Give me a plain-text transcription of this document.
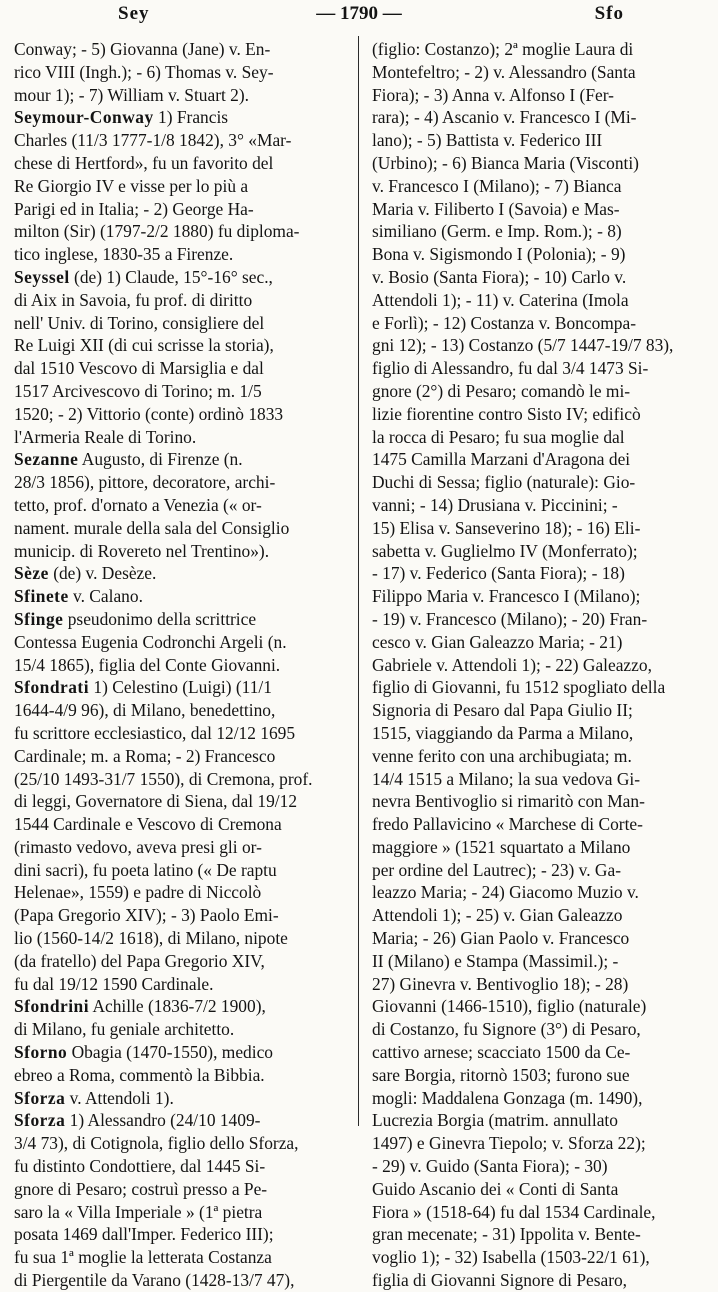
Sey	— 1790 —	Sfo
Conway; - 5) Giovanna (Jane) v. En-
rico VIII (Ingh.); - 6) Thomas v. Sey-
mour 1); - 7) William v. Stuart 2).
Seymour-Conway 1) Francis
Charles (11/3 1777-1/8 1842), 3° «Mar-
chese di Hertford», fu un favorito del
Re Giorgio IV e visse per lo più a
Parigi ed in Italia; - 2) George Ha-
milton (Sir) (1797-2/2 1880) fu diploma-
tico inglese, 1830-35 a Firenze.
Seyssel (de) 1) Claude, 15°-16° sec.,
di Aix in Savoia, fu prof. di diritto
nell' Univ. di Torino, consigliere del
Re Luigi XII (di cui scrisse la storia),
dal 1510 Vescovo di Marsiglia e dal
1517 Arcivescovo di Torino; m. 1/5
1520; - 2) Vittorio (conte) ordinò 1833
l'Armeria Reale di Torino.
Sezanne Augusto, di Firenze (n.
28/3 1856), pittore, decoratore, archi-
tetto, prof. d'ornato a Venezia (« or-
nament. murale della sala del Consiglio
municip. di Rovereto nel Trentino»).
Sèze (de) v. Desèze.
Sfinete v. Calano.
Sfinge pseudonimo della scrittrice
Contessa Eugenia Codronchi Argeli (n.
15/4 1865), figlia del Conte Giovanni.
Sfondrati 1) Celestino (Luigi) (11/1
1644-4/9 96), di Milano, benedettino,
fu scrittore ecclesiastico, dal 12/12 1695
Cardinale; m. a Roma; - 2) Francesco
(25/10 1493-31/7 1550), di Cremona, prof.
di leggi, Governatore di Siena, dal 19/12
1544 Cardinale e Vescovo di Cremona
(rimasto vedovo, aveva presi gli or-
dini sacri), fu poeta latino (« De raptu
Helenae», 1559) e padre di Niccolò
(Papa Gregorio XIV); - 3) Paolo Emi-
lio (1560-14/2 1618), di Milano, nipote
(da fratello) del Papa Gregorio XIV,
fu dal 19/12 1590 Cardinale.
Sfondrini Achille (1836-7/2 1900),
di Milano, fu geniale architetto.
Sforno Obagia (1470-1550), medico
ebreo a Roma, commentò la Bibbia.
Sforza v. Attendoli 1).
Sforza 1) Alessandro (24/10 1409-
3/4 73), di Cotignola, figlio dello Sforza,
fu distinto Condottiere, dal 1445 Si-
gnore di Pesaro; costruì presso a Pe-
saro la « Villa Imperiale » (1ª pietra
posata 1469 dall'Imper. Federico III);
fu sua 1ª moglie la letterata Costanza
di Piergentile da Varano (1428-13/7 47),
(figlio: Costanzo); 2ª moglie Laura di
Montefeltro; - 2) v. Alessandro (Santa
Fiora); - 3) Anna v. Alfonso I (Fer-
rara); - 4) Ascanio v. Francesco I (Mi-
lano); - 5) Battista v. Federico III
(Urbino); - 6) Bianca Maria (Visconti)
v. Francesco I (Milano); - 7) Bianca
Maria v. Filiberto I (Savoia) e Mas-
similiano (Germ. e Imp. Rom.); - 8)
Bona v. Sigismondo I (Polonia); - 9)
v. Bosio (Santa Fiora); - 10) Carlo v.
Attendoli 1); - 11) v. Caterina (Imola
e Forlì); - 12) Costanza v. Boncompa-
gni 12); - 13) Costanzo (5/7 1447-19/7 83),
figlio di Alessandro, fu dal 3/4 1473 Si-
gnore (2°) di Pesaro; comandò le mi-
lizie fiorentine contro Sisto IV; edificò
la rocca di Pesaro; fu sua moglie dal
1475 Camilla Marzani d'Aragona dei
Duchi di Sessa; figlio (naturale): Gio-
vanni; - 14) Drusiana v. Piccinini; -
15) Elisa v. Sanseverino 18); - 16) Eli-
sabetta v. Guglielmo IV (Monferrato);
- 17) v. Federico (Santa Fiora); - 18)
Filippo Maria v. Francesco I (Milano);
- 19) v. Francesco (Milano); - 20) Fran-
cesco v. Gian Galeazzo Maria; - 21)
Gabriele v. Attendoli 1); - 22) Galeazzo,
figlio di Giovanni, fu 1512 spogliato della
Signoria di Pesaro dal Papa Giulio II;
1515, viaggiando da Parma a Milano,
venne ferito con una archibugiata; m.
14/4 1515 a Milano; la sua vedova Gi-
nevra Bentivoglio si rimaritò con Man-
fredo Pallavicino « Marchese di Corte-
maggiore » (1521 squartato a Milano
per ordine del Lautrec); - 23) v. Ga-
leazzo Maria; - 24) Giacomo Muzio v.
Attendoli 1); - 25) v. Gian Galeazzo
Maria; - 26) Gian Paolo v. Francesco
II (Milano) e Stampa (Massimil.); -
27) Ginevra v. Bentivoglio 18); - 28)
Giovanni (1466-1510), figlio (naturale)
di Costanzo, fu Signore (3°) di Pesaro,
cattivo arnese; scacciato 1500 da Ce-
sare Borgia, ritornò 1503; furono sue
mogli: Maddalena Gonzaga (m. 1490),
Lucrezia Borgia (matrim. annullato
1497) e Ginevra Tiepolo; v. Sforza 22);
- 29) v. Guido (Santa Fiora); - 30)
Guido Ascanio dei « Conti di Santa
Fiora » (1518-64) fu dal 1534 Cardinale,
gran mecenate; - 31) Ippolita v. Bente-
voglio 1); - 32) Isabella (1503-22/1 61),
figlia di Giovanni Signore di Pesaro,
